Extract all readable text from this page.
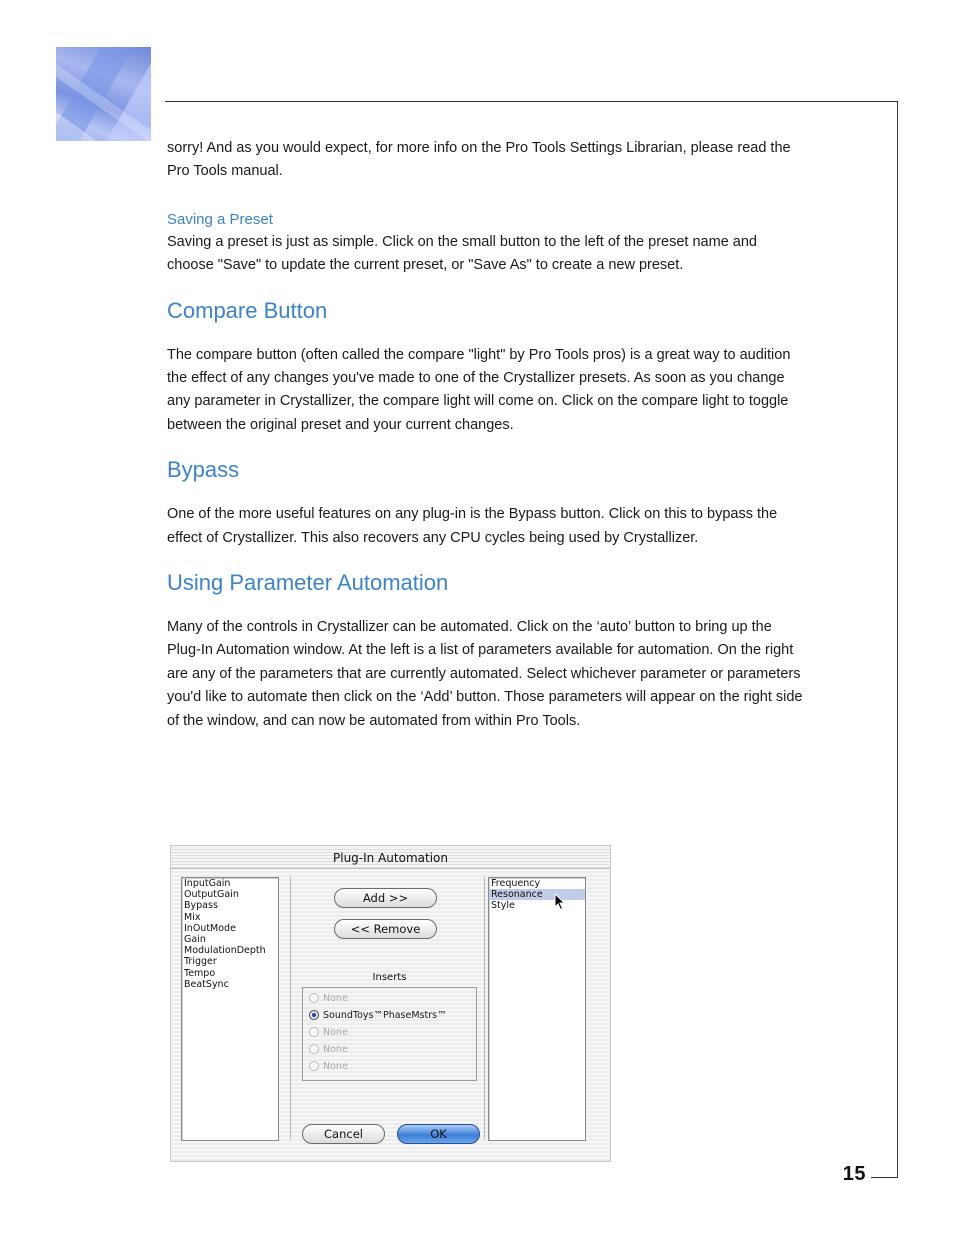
15

sorry! And as you would expect, for more info on the Pro Tools Settings Librarian, please read the Pro Tools manual.

Saving a Preset

Saving a preset is just as simple. Click on the small button to the left of the preset name and choose "Save" to update the current preset, or "Save As" to create a new preset.

Compare Button

The compare button (often called the compare "light" by Pro Tools pros) is a great way to audition the effect of any changes you've made to one of the Crystallizer presets. As soon as you change any parameter in Crystallizer, the compare light will come on. Click on the compare light to toggle between the original preset and your current changes.

Bypass

One of the more useful features on any plug-in is the Bypass button. Click on this to bypass the effect of Crystallizer. This also recovers any CPU cycles being used by Crystallizer.

Using Parameter Automation

Many of the controls in Crystallizer can be automated. Click on the ‘auto’ button to bring up the Plug-In Automation window. At the left is a list of parameters available for automation. On the right are any of the parameters that are currently automated. Select whichever parameter or parameters you'd like to automate then click on the ‘Add’ button. Those parameters will appear on the right side of the window, and can now be automated from within Pro Tools.

Plug-In Automation
InputGain
OutputGain
Bypass
Mix
InOutMode
Gain
ModulationDepth
Trigger
Tempo
BeatSync
Add >>
<< Remove
Inserts
None
SoundToys™PhaseMstrs™
None
None
None
Frequency
Resonance
Style
Cancel	OK
